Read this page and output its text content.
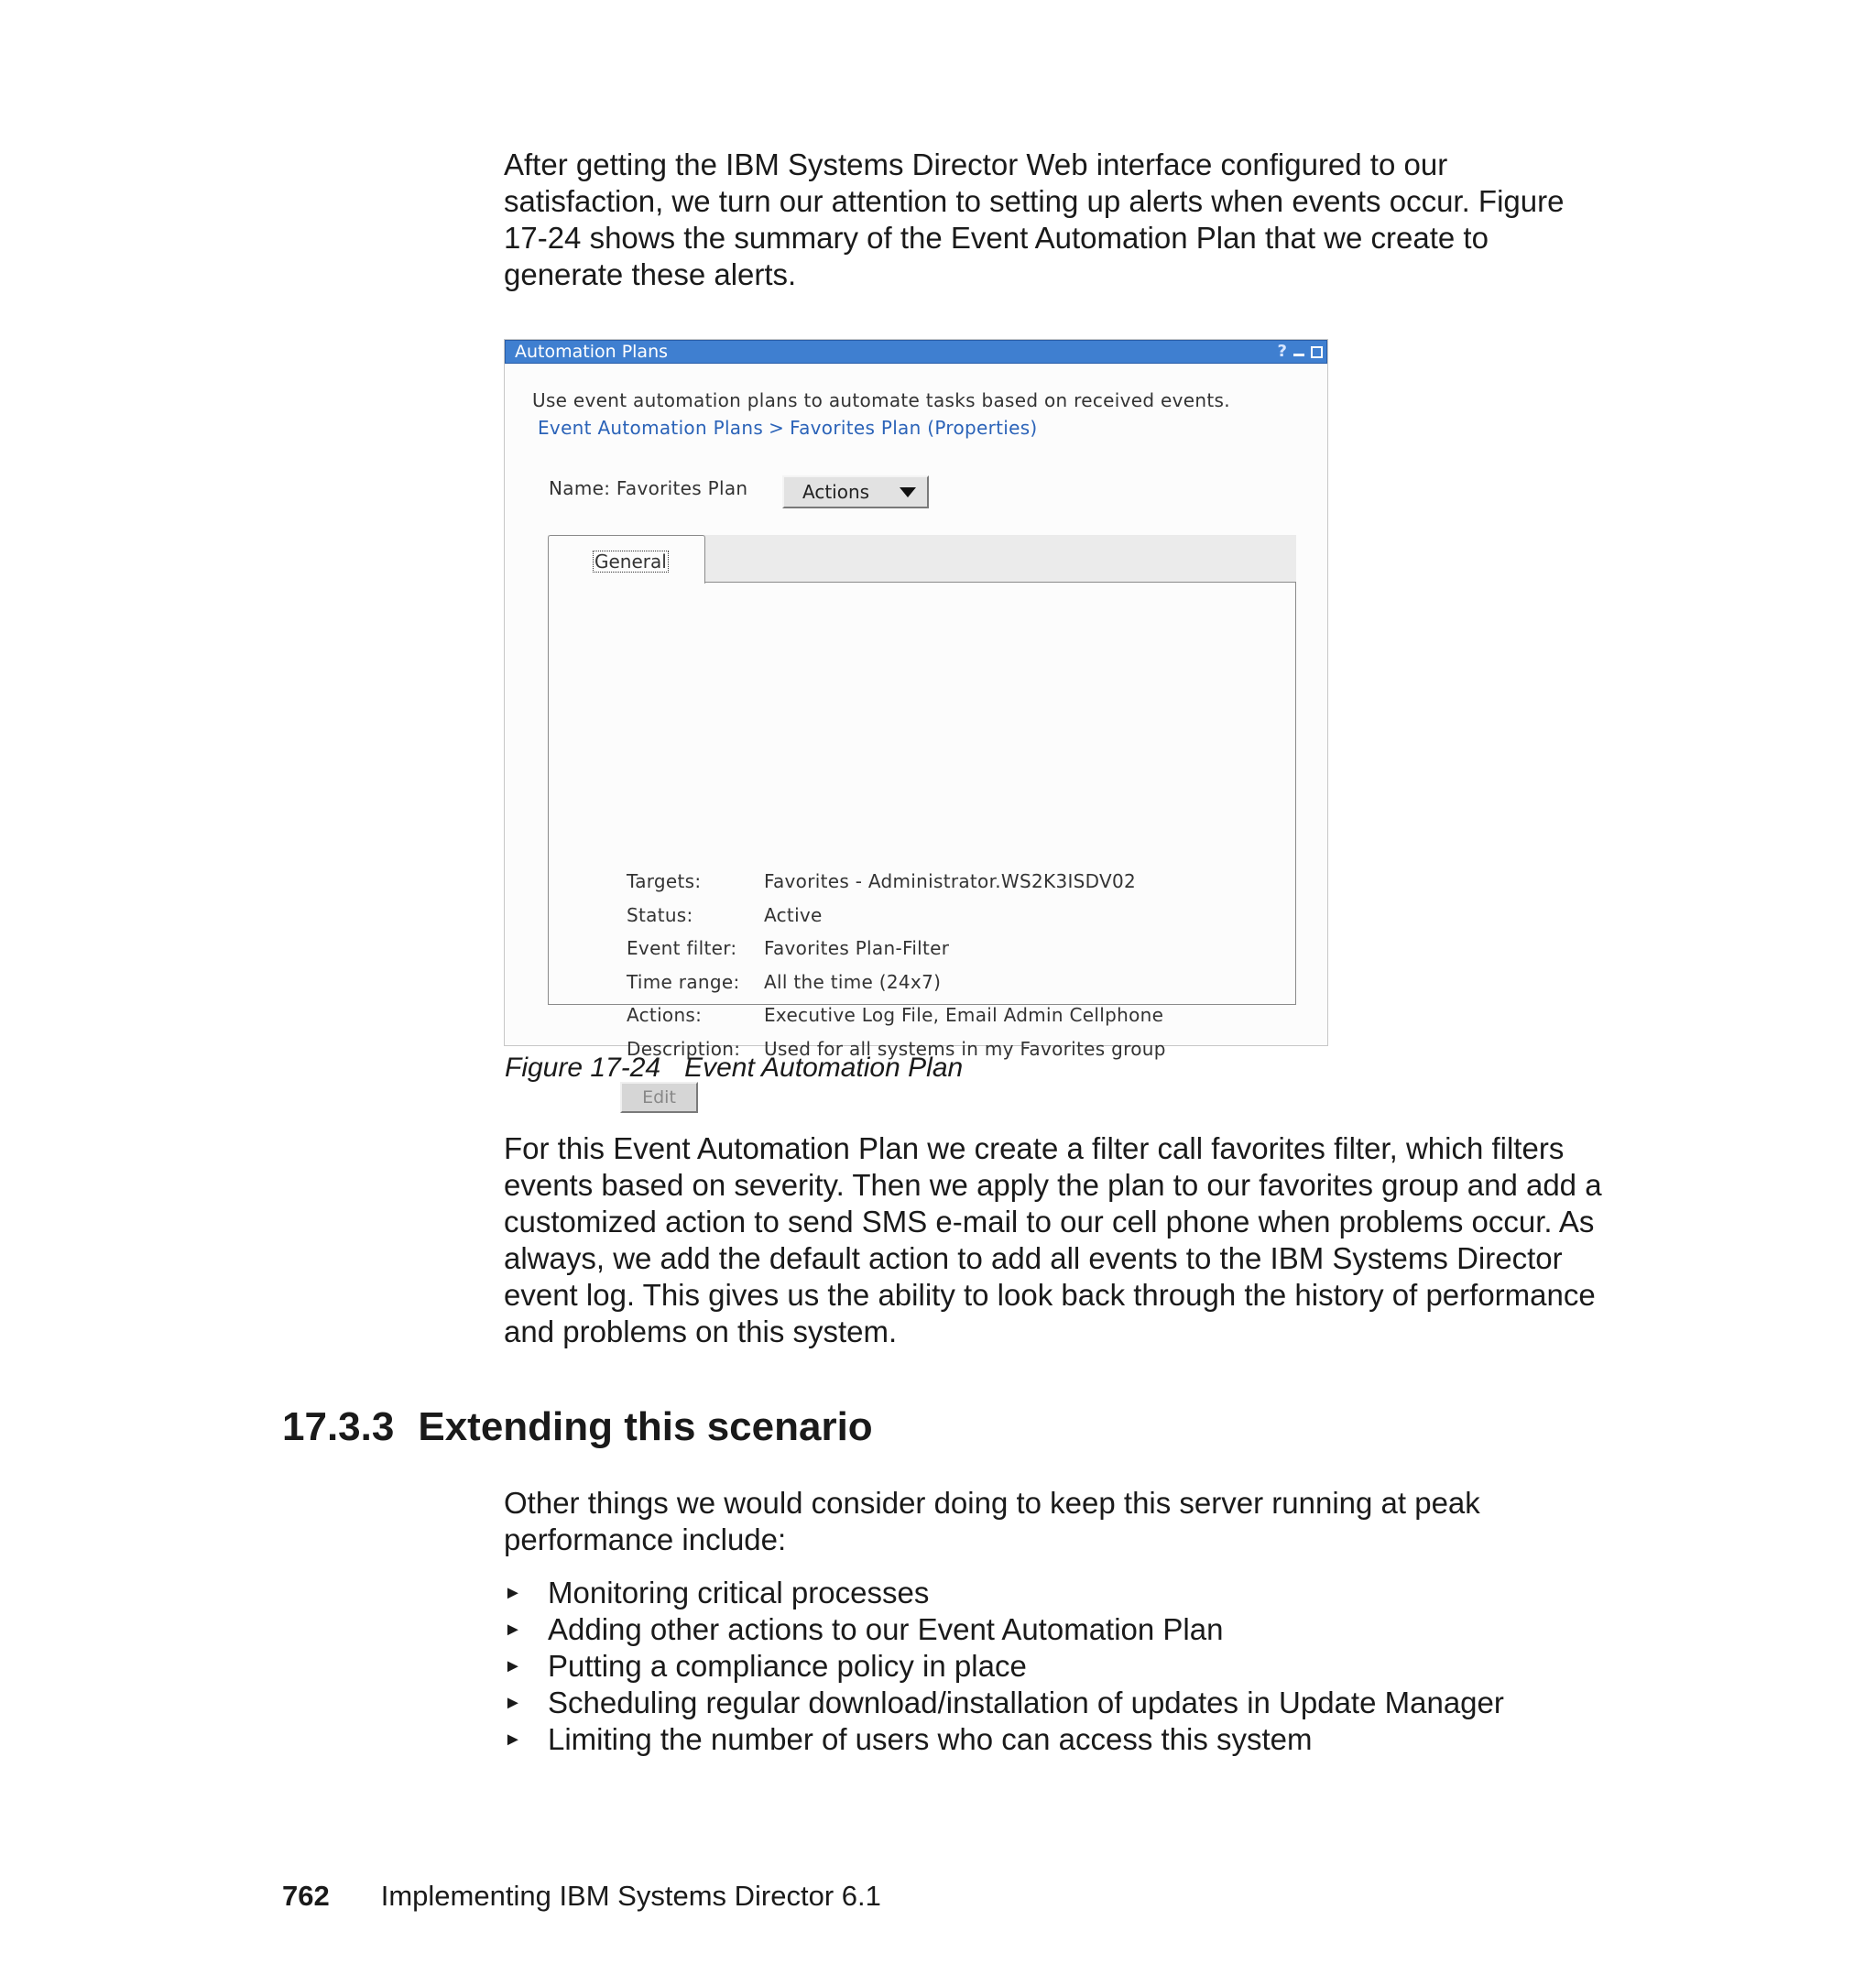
After getting the IBM Systems Director Web interface configured to our satisfaction, we turn our attention to setting up alerts when events occur. Figure 17-24 shows the summary of the Event Automation Plan that we create to generate these alerts.

Automation Plans	?
Use event automation plans to automate tasks based on received events.
Event Automation Plans > Favorites Plan (Properties)
Name: Favorites Plan	Actions
Targets:	Favorites - Administrator.WS2K3ISDV02
Status:	Active
Event filter:	Favorites Plan-Filter
Time range:	All the time (24x7)
Actions:	Executive Log File, Email Admin Cellphone
Description:	Used for all systems in my Favorites group
Edit
General
Figure 17-24 Event Automation Plan

For this Event Automation Plan we create a filter call favorites filter, which filters events based on severity. Then we apply the plan to our favorites group and add a customized action to send SMS e-mail to our cell phone when problems occur. As always, we add the default action to add all events to the IBM Systems Director event log. This gives us the ability to look back through the history of performance and problems on this system.

17.3.3 Extending this scenario

Other things we would consider doing to keep this server running at peak performance include:

► Monitoring critical processes
► Adding other actions to our Event Automation Plan
► Putting a compliance policy in place
► Scheduling regular download/installation of updates in Update Manager
► Limiting the number of users who can access this system
762 Implementing IBM Systems Director 6.1
